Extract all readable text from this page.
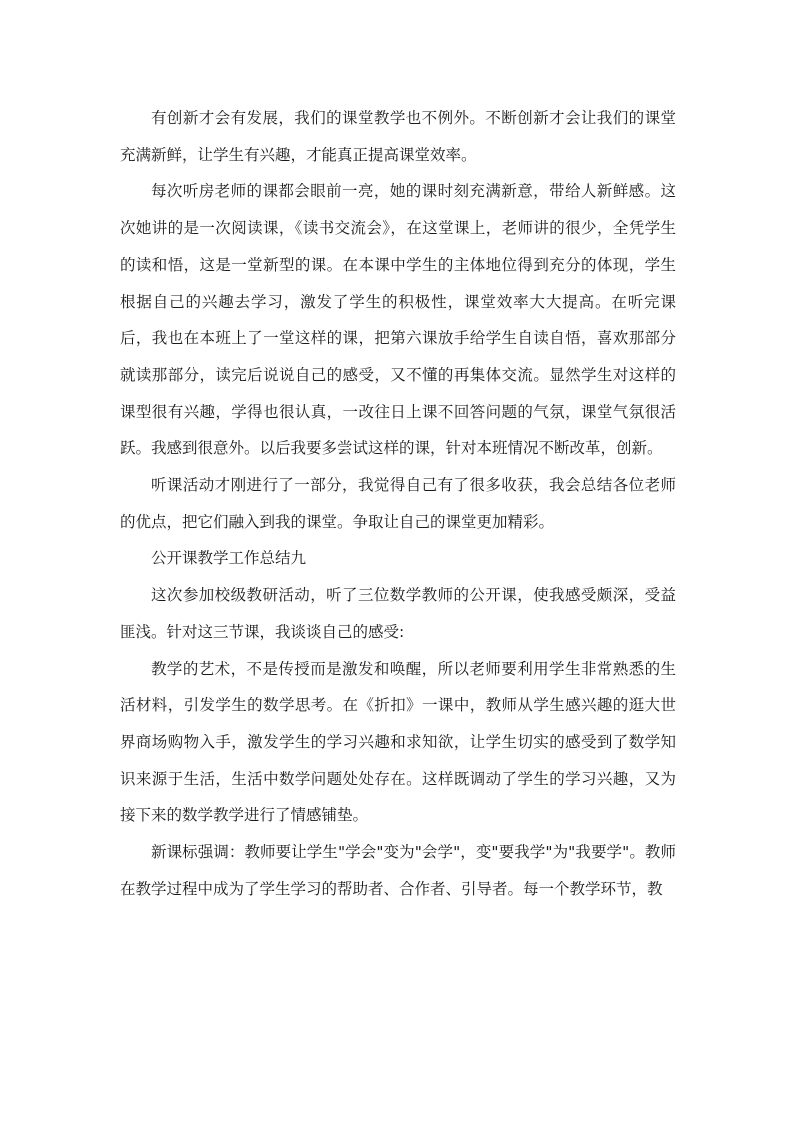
有创新才会有发展，我们的课堂教学也不例外。不断创新才会让我们的课堂充满新鲜，让学生有兴趣，才能真正提高课堂效率。

每次听房老师的课都会眼前一亮，她的课时刻充满新意，带给人新鲜感。这次她讲的是一次阅读课，《读书交流会》，在这堂课上，老师讲的很少，全凭学生的读和悟，这是一堂新型的课。在本课中学生的主体地位得到充分的体现，学生根据自己的兴趣去学习，激发了学生的积极性，课堂效率大大提高。在听完课后，我也在本班上了一堂这样的课，把第六课放手给学生自读自悟，喜欢那部分就读那部分，读完后说说自己的感受，又不懂的再集体交流。显然学生对这样的课型很有兴趣，学得也很认真，一改往日上课不回答问题的气氛，课堂气氛很活跃。我感到很意外。以后我要多尝试这样的课，针对本班情况不断改革，创新。

听课活动才刚进行了一部分，我觉得自己有了很多收获，我会总结各位老师的优点，把它们融入到我的课堂。争取让自己的课堂更加精彩。

公开课教学工作总结九

这次参加校级教研活动，听了三位数学教师的公开课，使我感受颇深，受益匪浅。针对这三节课，我谈谈自己的感受:

教学的艺术，不是传授而是激发和唤醒，所以老师要利用学生非常熟悉的生活材料，引发学生的数学思考。在《折扣》一课中，教师从学生感兴趣的逛大世界商场购物入手，激发学生的学习兴趣和求知欲，让学生切实的感受到了数学知识来源于生活，生活中数学问题处处存在。这样既调动了学生的学习兴趣，又为接下来的数学教学进行了情感铺垫。

新课标强调：教师要让学生"学会"变为"会学"，变"要我学"为"我要学"。教师在教学过程中成为了学生学习的帮助者、合作者、引导者。每一个教学环节，教
